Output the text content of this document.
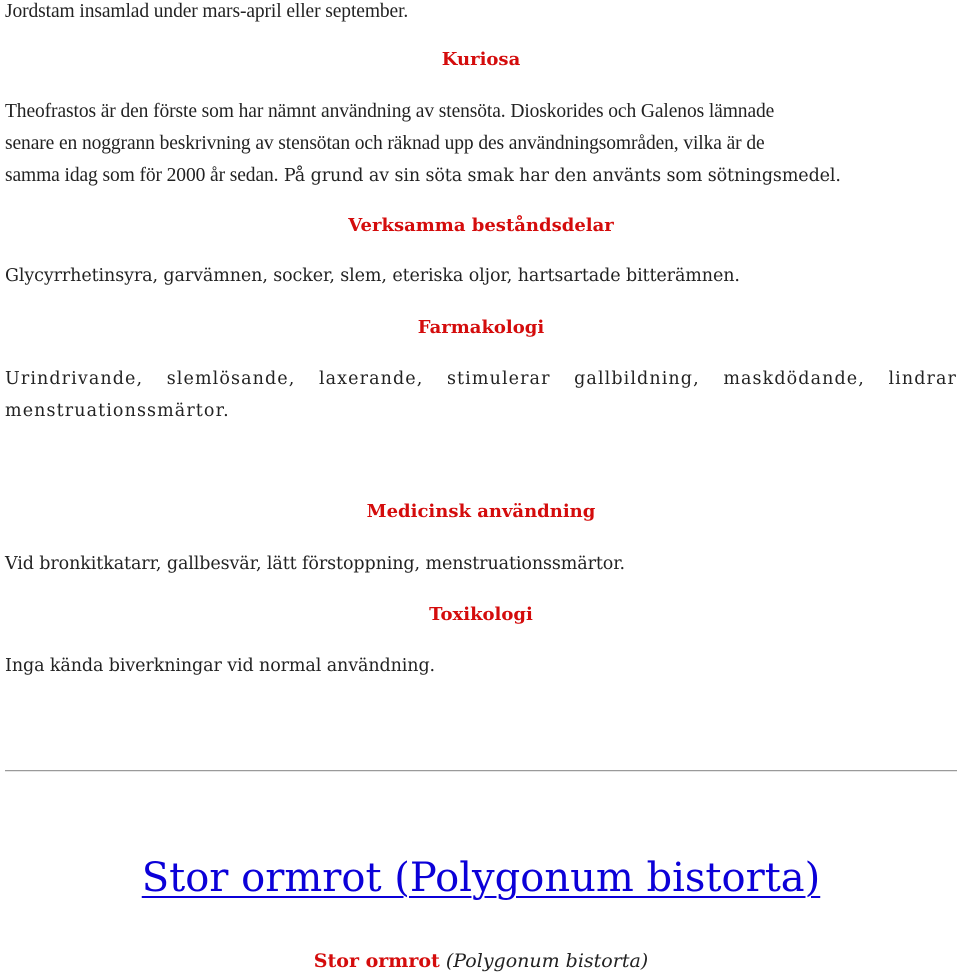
Jordstam insamlad under mars-april eller september.

Kuriosa
Theofrastos är den förste som har nämnt användning av stensöta. Dioskorides och Galenos lämnade
senare en noggrann beskrivning av stensötan och räknad upp des användningsområden, vilka är de
samma idag som för 2000 år sedan. På grund av sin söta smak har den använts som sötningsmedel.
Verksamma beståndsdelar

Glycyrrhetinsyra, garvämnen, socker, slem, eteriska oljor, hartsartade bitterämnen.

Farmakologi

Urindrivande, slemlösande, laxerande, stimulerar gallbildning, maskdödande, lindrar menstruationssmärtor.

Medicinsk användning

Vid bronkitkatarr, gallbesvär, lätt förstoppning, menstruationssmärtor.

Toxikologi

Inga kända biverkningar vid normal användning.

Stor ormrot (Polygonum bistorta)

Stor ormrot (Polygonum bistorta)
